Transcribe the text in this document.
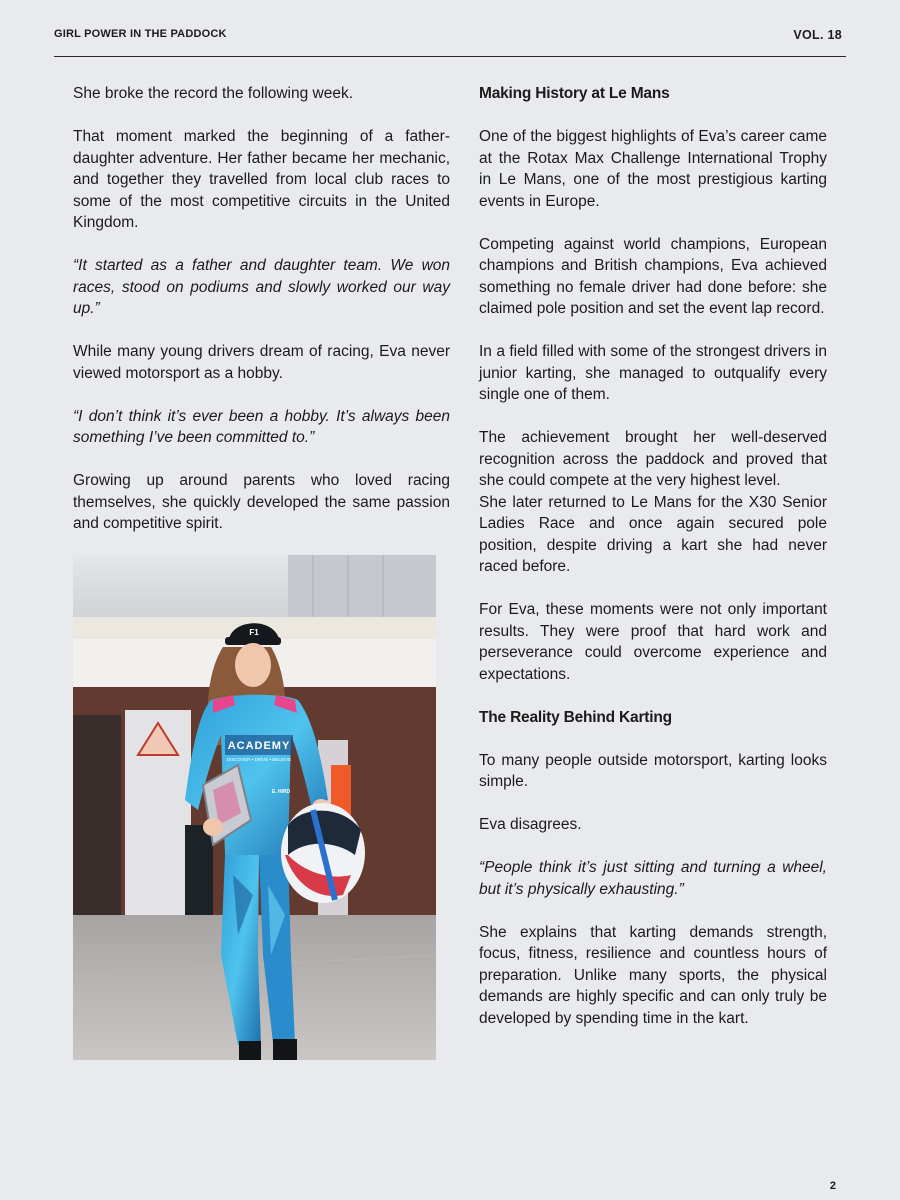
GIRL POWER IN THE PADDOCK	VOL. 18

She broke the record the following week.

That moment marked the beginning of a father-daughter adventure. Her father became her mechanic, and together they travelled from local club races to some of the most competitive circuits in the United Kingdom.

“It started as a father and daughter team. We won races, stood on podiums and slowly worked our way up.”

While many young drivers dream of racing, Eva never viewed motorsport as a hobby.

“I don’t think it’s ever been a hobby. It’s always been something I’ve been committed to.”

Growing up around parents who loved racing themselves, she quickly developed the same passion and competitive spirit.

F1
ACADEMY
DISCOVER • DRIVE • BELIEVE
E. HIRD
Making History at Le Mans

One of the biggest highlights of Eva’s career came at the Rotax Max Challenge International Trophy in Le Mans, one of the most prestigious karting events in Europe.

Competing against world champions, European champions and British champions, Eva achieved something no female driver had done before: she claimed pole position and set the event lap record.

In a field filled with some of the strongest drivers in junior karting, she managed to outqualify every single one of them.

The achievement brought her well-deserved recognition across the paddock and proved that she could compete at the very highest level.

She later returned to Le Mans for the X30 Senior Ladies Race and once again secured pole position, despite driving a kart she had never raced before.

For Eva, these moments were not only important results. They were proof that hard work and perseverance could overcome experience and expectations.

The Reality Behind Karting

To many people outside motorsport, karting looks simple.

Eva disagrees.

“People think it’s just sitting and turning a wheel, but it’s physically exhausting.”

She explains that karting demands strength, focus, fitness, resilience and countless hours of preparation. Unlike many sports, the physical demands are highly specific and can only truly be developed by spending time in the kart.

2
